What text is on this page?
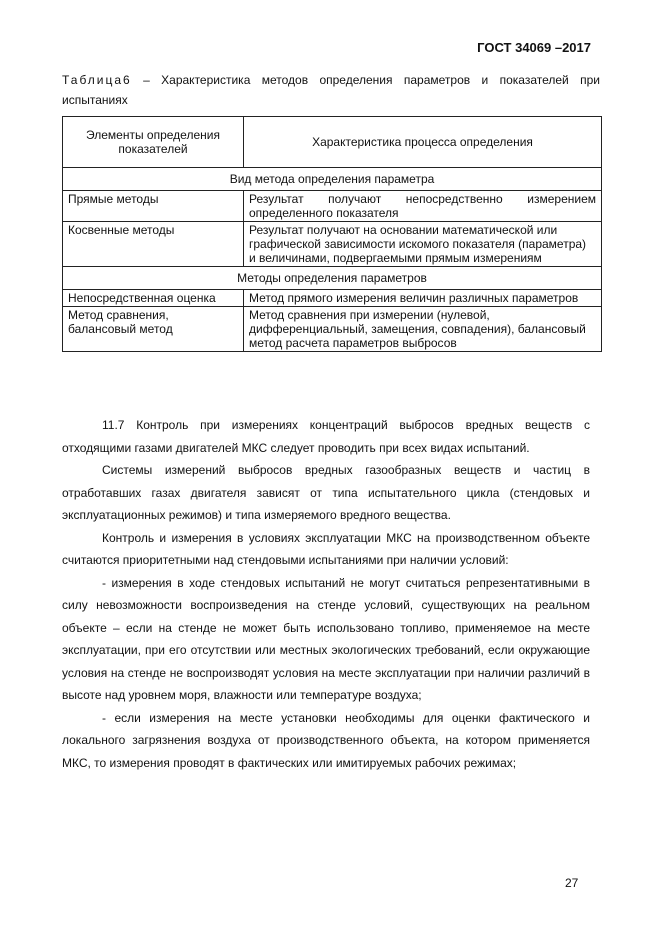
ГОСТ 34069 –2017
Таблица6 – Характеристика методов определения параметров и показателей при испытаниях
Элементы определения показателей	Характеристика процесса определения
Вид метода определения параметра	
Прямые методы	Результат получают непосредственно измерением определенного показателя
Косвенные методы	Результат получают на основании математической или графической зависимости искомого показателя (параметра) и величинами, подвергаемыми прямым измерениям
Методы определения параметров	
Непосредственная оценка	Метод прямого измерения величин различных параметров
Метод сравнения, балансовый метод	Метод сравнения при измерении (нулевой, дифференциальный, замещения, совпадения), балансовый метод расчета параметров выбросов

11.7 Контроль при измерениях концентраций выбросов вредных веществ с отходящими газами двигателей МКС следует проводить при всех видах испытаний.

Системы измерений выбросов вредных газообразных веществ и частиц в отработавших газах двигателя зависят от типа испытательного цикла (стендовых и эксплуатационных режимов) и типа измеряемого вредного вещества.

Контроль и измерения в условиях эксплуатации МКС на производственном объекте считаются приоритетными над стендовыми испытаниями при наличии условий:

- измерения в ходе стендовых испытаний не могут считаться репрезентативными в силу невозможности воспроизведения на стенде условий, существующих на реальном объекте – если на стенде не может быть использовано топливо, применяемое на месте эксплуатации, при его отсутствии или местных экологических требований, если окружающие условия на стенде не воспроизводят условия на месте эксплуатации при наличии различий в высоте над уровнем моря, влажности или температуре воздуха;

- если измерения на месте установки необходимы для оценки фактического и локального загрязнения воздуха от производственного объекта, на котором применяется МКС, то измерения проводят в фактических или имитируемых рабочих режимах;

27
